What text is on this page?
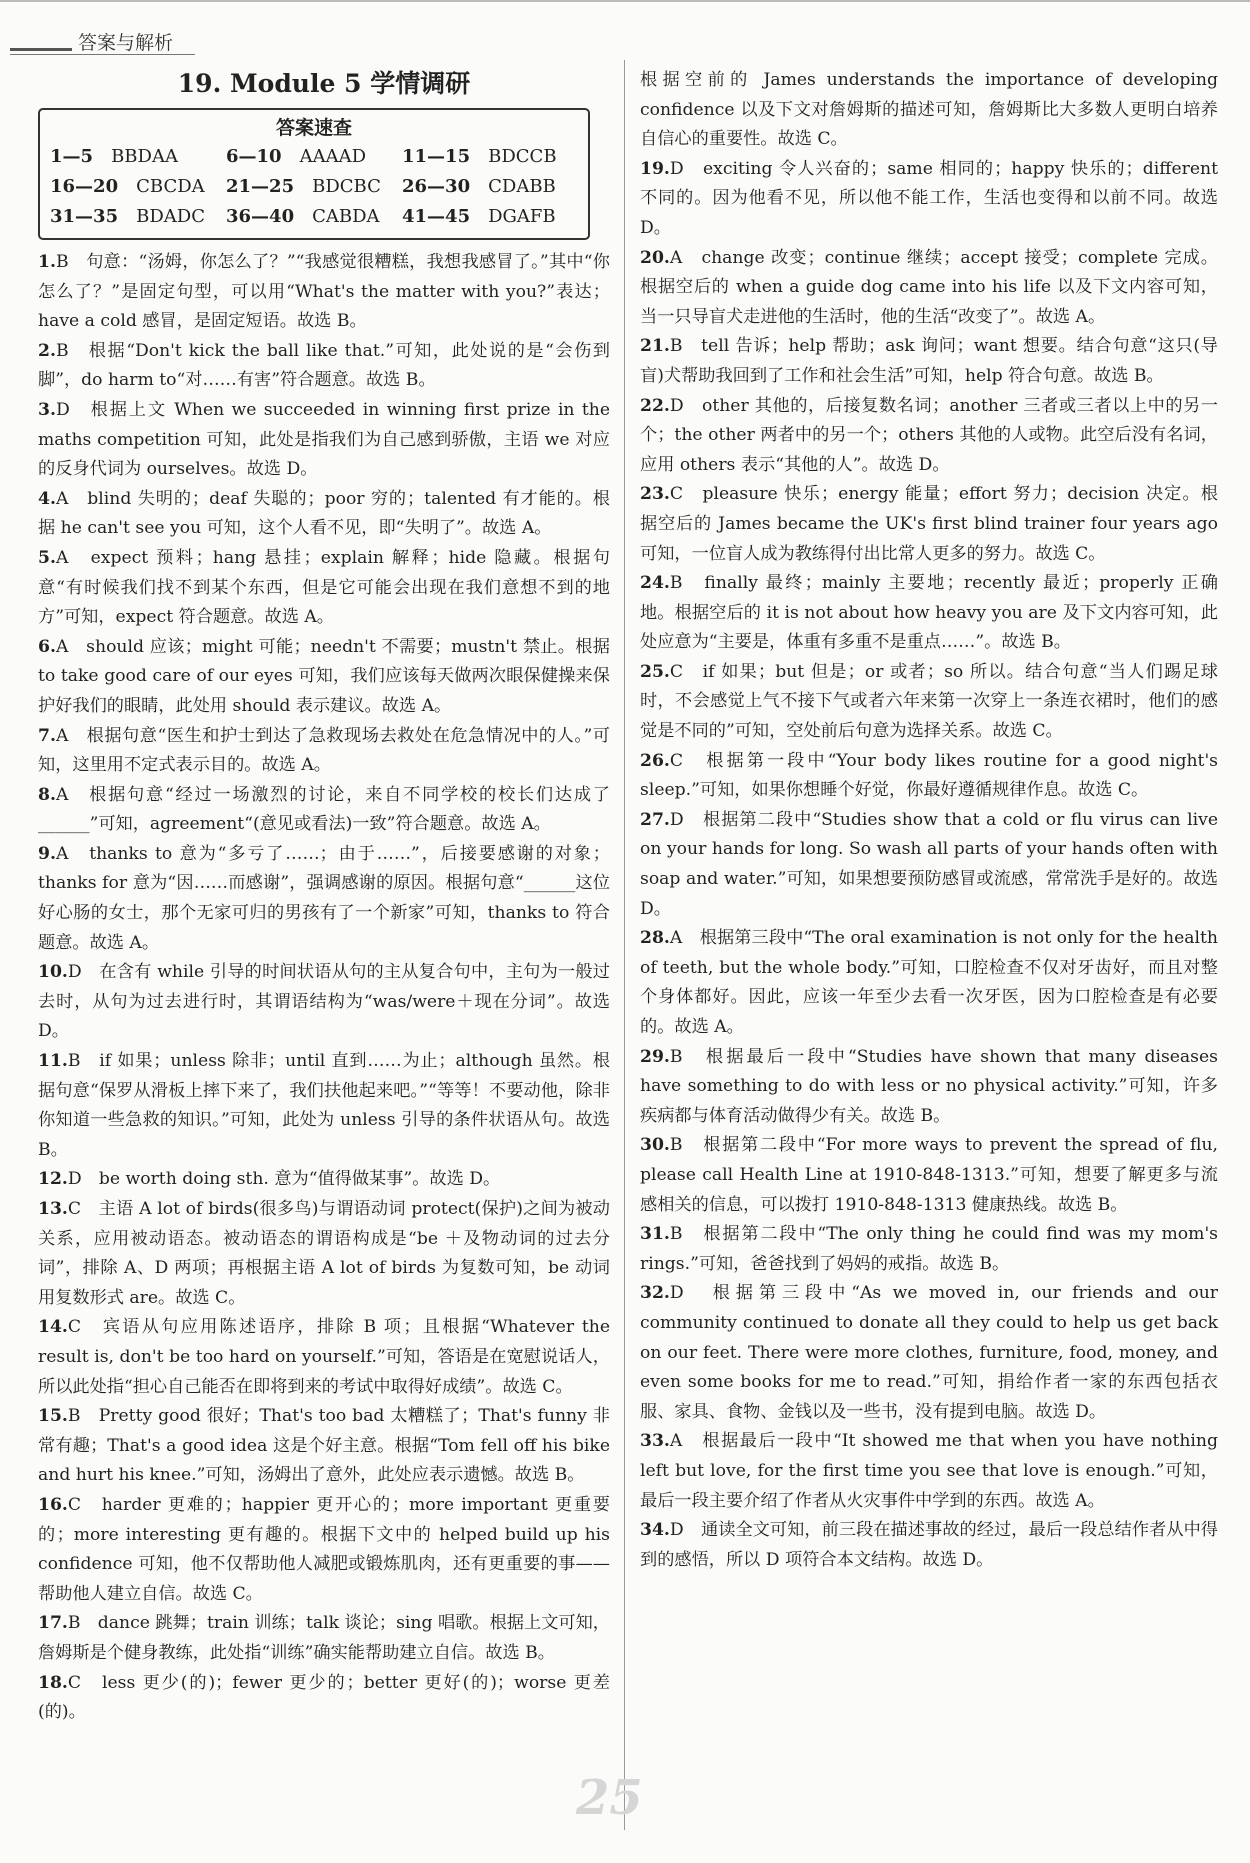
答案与解析
19. Module 5 学情调研
答案速查
1—5 BBDAA	6—10 AAAAD	11—15 BDCCB
16—20 CBCDA	21—25 BDCBC	26—30 CDABB
31—35 BDADC	36—40 CABDA	41—45 DGAFB

1.B　句意：“汤姆，你怎么了？”“我感觉很糟糕，我想我感冒了。”其中“你怎么了？”是固定句型，可以用“What's the matter with you?”表达；have a cold 感冒，是固定短语。故选 B。

2.B　根据“Don't kick the ball like that.”可知，此处说的是“会伤到脚”，do harm to“对……有害”符合题意。故选 B。

3.D　根据上文 When we succeeded in winning first prize in the maths competition 可知，此处是指我们为自己感到骄傲，主语 we 对应的反身代词为 ourselves。故选 D。

4.A　blind 失明的；deaf 失聪的；poor 穷的；talented 有才能的。根据 he can't see you 可知，这个人看不见，即“失明了”。故选 A。

5.A　expect 预料；hang 悬挂；explain 解释；hide 隐藏。根据句意“有时候我们找不到某个东西，但是它可能会出现在我们意想不到的地方”可知，expect 符合题意。故选 A。

6.A　should 应该；might 可能；needn't 不需要；mustn't 禁止。根据 to take good care of our eyes 可知，我们应该每天做两次眼保健操来保护好我们的眼睛，此处用 should 表示建议。故选 A。

7.A　根据句意“医生和护士到达了急救现场去救处在危急情况中的人。”可知，这里用不定式表示目的。故选 A。

8.A　根据句意“经过一场激烈的讨论，来自不同学校的校长们达成了______”可知，agreement“(意见或看法)一致”符合题意。故选 A。

9.A　thanks to 意为“多亏了……；由于……”，后接要感谢的对象；thanks for 意为“因……而感谢”，强调感谢的原因。根据句意“______这位好心肠的女士，那个无家可归的男孩有了一个新家”可知，thanks to 符合题意。故选 A。

10.D　在含有 while 引导的时间状语从句的主从复合句中，主句为一般过去时，从句为过去进行时，其谓语结构为“was/were＋现在分词”。故选 D。

11.B　if 如果；unless 除非；until 直到……为止；although 虽然。根据句意“保罗从滑板上摔下来了，我们扶他起来吧。”“等等！不要动他，除非你知道一些急救的知识。”可知，此处为 unless 引导的条件状语从句。故选 B。

12.D　be worth doing sth. 意为“值得做某事”。故选 D。

13.C　主语 A lot of birds(很多鸟)与谓语动词 protect(保护)之间为被动关系，应用被动语态。被动语态的谓语构成是“be ＋及物动词的过去分词”，排除 A、D 两项；再根据主语 A lot of birds 为复数可知，be 动词用复数形式 are。故选 C。

14.C　宾语从句应用陈述语序，排除 B 项；且根据“Whatever the result is, don't be too hard on yourself.”可知，答语是在宽慰说话人，所以此处指“担心自己能否在即将到来的考试中取得好成绩”。故选 C。

15.B　Pretty good 很好；That's too bad 太糟糕了；That's funny 非常有趣；That's a good idea 这是个好主意。根据“Tom fell off his bike and hurt his knee.”可知，汤姆出了意外，此处应表示遗憾。故选 B。

16.C　harder 更难的；happier 更开心的；more important 更重要的；more interesting 更有趣的。根据下文中的 helped build up his confidence 可知，他不仅帮助他人减肥或锻炼肌肉，还有更重要的事——帮助他人建立自信。故选 C。

17.B　dance 跳舞；train 训练；talk 谈论；sing 唱歌。根据上文可知，詹姆斯是个健身教练，此处指“训练”确实能帮助建立自信。故选 B。

18.C　less 更少(的)；fewer 更少的；better 更好(的)；worse 更差(的)。

根据空前的 James understands the importance of developing confidence 以及下文对詹姆斯的描述可知，詹姆斯比大多数人更明白培养自信心的重要性。故选 C。

19.D　exciting 令人兴奋的；same 相同的；happy 快乐的；different 不同的。因为他看不见，所以他不能工作，生活也变得和以前不同。故选 D。

20.A　change 改变；continue 继续；accept 接受；complete 完成。根据空后的 when a guide dog came into his life 以及下文内容可知，当一只导盲犬走进他的生活时，他的生活“改变了”。故选 A。

21.B　tell 告诉；help 帮助；ask 询问；want 想要。结合句意“这只(导盲)犬帮助我回到了工作和社会生活”可知，help 符合句意。故选 B。

22.D　other 其他的，后接复数名词；another 三者或三者以上中的另一个；the other 两者中的另一个；others 其他的人或物。此空后没有名词，应用 others 表示“其他的人”。故选 D。

23.C　pleasure 快乐；energy 能量；effort 努力；decision 决定。根据空后的 James became the UK's first blind trainer four years ago 可知，一位盲人成为教练得付出比常人更多的努力。故选 C。

24.B　finally 最终；mainly 主要地；recently 最近；properly 正确地。根据空后的 it is not about how heavy you are 及下文内容可知，此处应意为“主要是，体重有多重不是重点……”。故选 B。

25.C　if 如果；but 但是；or 或者；so 所以。结合句意“当人们踢足球时，不会感觉上气不接下气或者六年来第一次穿上一条连衣裙时，他们的感觉是不同的”可知，空处前后句意为选择关系。故选 C。

26.C　根据第一段中“Your body likes routine for a good night's sleep.”可知，如果你想睡个好觉，你最好遵循规律作息。故选 C。

27.D　根据第二段中“Studies show that a cold or flu virus can live on your hands for long. So wash all parts of your hands often with soap and water.”可知，如果想要预防感冒或流感，常常洗手是好的。故选 D。

28.A　根据第三段中“The oral examination is not only for the health of teeth, but the whole body.”可知，口腔检查不仅对牙齿好，而且对整个身体都好。因此，应该一年至少去看一次牙医，因为口腔检查是有必要的。故选 A。

29.B　根据最后一段中“Studies have shown that many diseases have something to do with less or no physical activity.”可知，许多疾病都与体育活动做得少有关。故选 B。

30.B　根据第二段中“For more ways to prevent the spread of flu, please call Health Line at 1910-848-1313.”可知，想要了解更多与流感相关的信息，可以拨打 1910-848-1313 健康热线。故选 B。

31.B　根据第二段中“The only thing he could find was my mom's rings.”可知，爸爸找到了妈妈的戒指。故选 B。

32.D　根据第三段中“As we moved in, our friends and our community continued to donate all they could to help us get back on our feet. There were more clothes, furniture, food, money, and even some books for me to read.”可知，捐给作者一家的东西包括衣服、家具、食物、金钱以及一些书，没有提到电脑。故选 D。

33.A　根据最后一段中“It showed me that when you have nothing left but love, for the first time you see that love is enough.”可知，最后一段主要介绍了作者从火灾事件中学到的东西。故选 A。

34.D　通读全文可知，前三段在描述事故的经过，最后一段总结作者从中得到的感悟，所以 D 项符合本文结构。故选 D。

25
